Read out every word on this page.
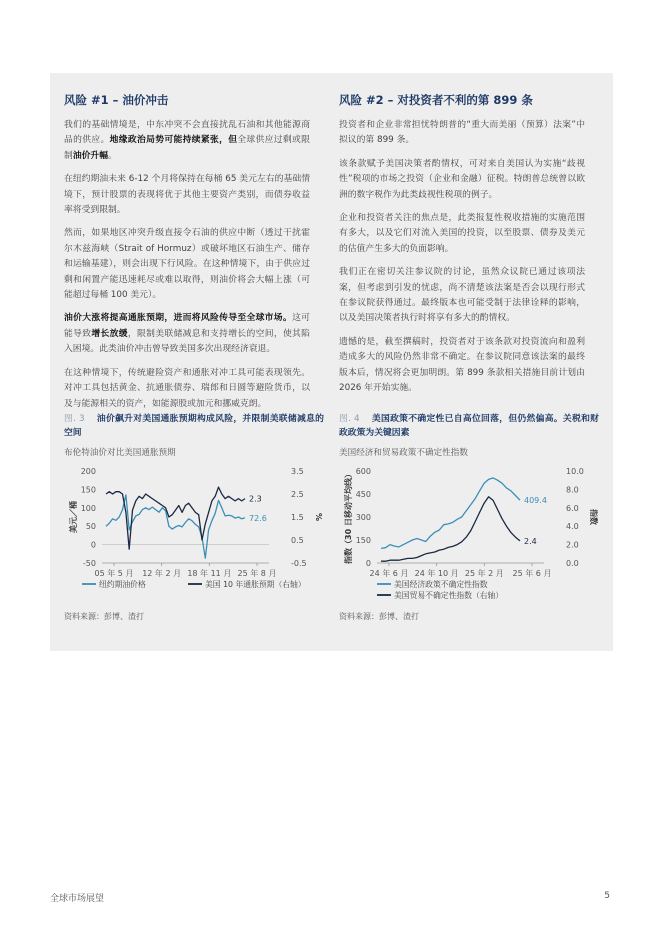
风险 #1 – 油价冲击

我们的基础情境是，中东冲突不会直接扰乱石油和其他能源商品的供应。地缘政治局势可能持续紧张，但全球供应过剩或限制油价升幅。

在纽约期油未来 6-12 个月将保持在每桶 65 美元左右的基础情境下，预计股票的表现将优于其他主要资产类别，而债券收益率将受到限制。

然而，如果地区冲突升级直接令石油的供应中断（透过干扰霍尔木兹海峡（Strait of Hormuz）或破坏地区石油生产、储存和运输基建），则会出现下行风险。在这种情境下，由于供应过剩和闲置产能迅速耗尽或难以取得，则油价将会大幅上涨（可能超过每桶 100 美元）。

油价大涨将提高通胀预期，进而将风险传导至全球市场。这可能导致增长放缓，限制美联储减息和支持增长的空间，使其陷入困境。此类油价冲击曾导致美国多次出现经济衰退。

在这种情境下，传统避险资产和通胀对冲工具可能表现领先。对冲工具包括黄金、抗通胀债券、瑞郎和日圆等避险货币，以及与能源相关的资产，如能源股或加元和挪威克朗。

风险 #2 – 对投资者不利的第 899 条

投资者和企业非常担忧特朗普的“重大而美丽（预算）法案”中拟议的第 899 条。

该条款赋予美国决策者酌情权，可对来自美国认为实施“歧视性”税项的市场之投资（企业和金融）征税。特朗普总统曾以欧洲的数字税作为此类歧视性税项的例子。

企业和投资者关注的焦点是，此类报复性税收措施的实施范围有多大，以及它们对流入美国的投资，以至股票、债券及美元的估值产生多大的负面影响。

我们正在密切关注参议院的讨论，虽然众议院已通过该项法案，但考虑到引发的忧虑，尚不清楚该法案是否会以现行形式在参议院获得通过。最终版本也可能受制于法律诠释的影响，以及美国决策者执行时将享有多大的酌情权。

遗憾的是，截至撰稿时，投资者对于该条款对投资流向和盈利造成多大的风险仍然非常不确定。在参议院同意该法案的最终版本后，情况将会更加明朗。第 899 条款相关措施目前计划由 2026 年开始实施。

图. 3 油价飙升对美国通胀预期构成风险，并限制美联储减息的空间

布伦特油价对比美国通胀预期

200
150
100
50
0
-50
3.5
2.5
1.5
0.5
-0.5
美元／桶	%
05 年 5 月 12 年 2 月 18 年 11 月 25 年 8 月
72.6
纽约期油价格
2.3
美国 10 年通胀预期（右轴）
资料来源：彭博、渣打

图. 4 美国政策不确定性已自高位回落，但仍然偏高。关税和财政政策为关键因素

美国经济和贸易政策不确定性指数

600
450
300
150
0
10.0
8.0
6.0
4.0
2.0
0.0
指数（30 日移动平均线）	指数
24 年 6 月 24 年 10 月 25 年 2 月 25 年 6 月
409.4
美国经济政策不确定性指数
2.4
美国贸易不确定性指数（右轴）
资料来源：彭博、渣打
全球市场展望	5
